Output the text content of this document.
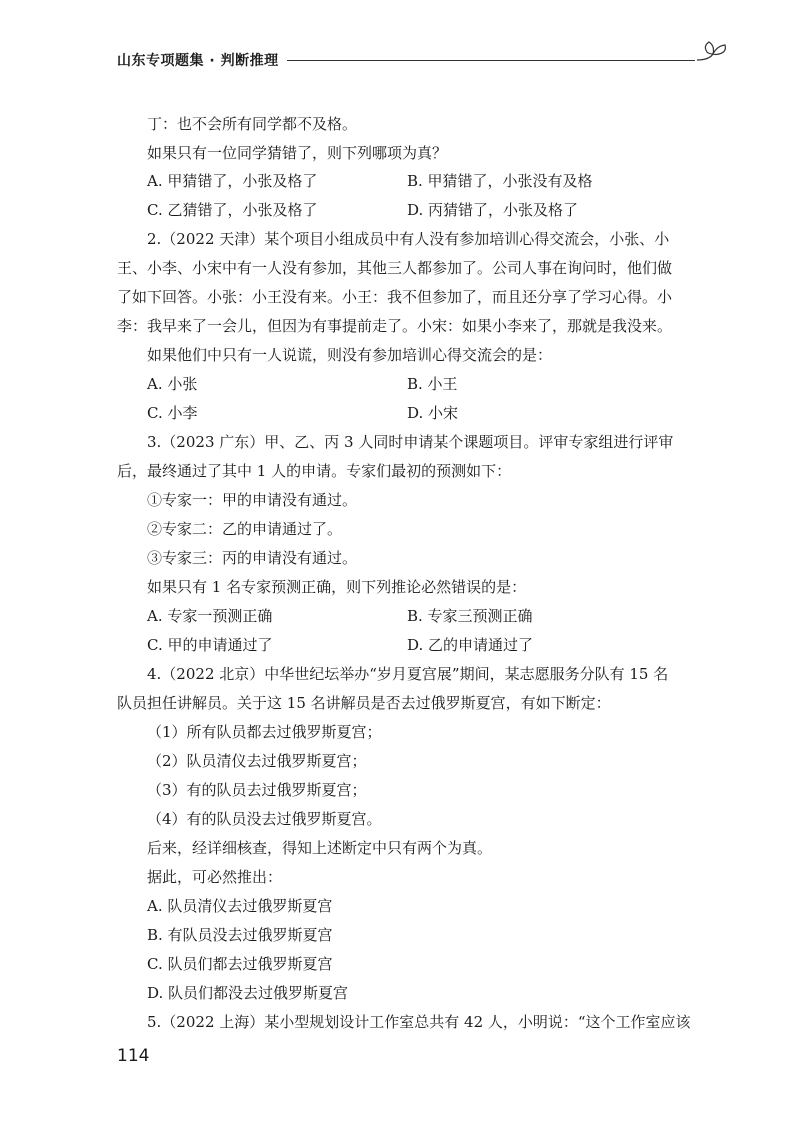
山东专项题集 · 判断推理
丁：也不会所有同学都不及格。
如果只有一位同学猜错了，则下列哪项为真？
A. 甲猜错了，小张及格了	B. 甲猜错了，小张没有及格
C. 乙猜错了，小张及格了	D. 丙猜错了，小张及格了
2.（2022 天津）某个项目小组成员中有人没有参加培训心得交流会，小张、小
王、小李、小宋中有一人没有参加，其他三人都参加了。公司人事在询问时，他们做
了如下回答。小张：小王没有来。小王：我不但参加了，而且还分享了学习心得。小
李：我早来了一会儿，但因为有事提前走了。小宋：如果小李来了，那就是我没来。
如果他们中只有一人说谎，则没有参加培训心得交流会的是：
A. 小张	B. 小王
C. 小李	D. 小宋
3.（2023 广东）甲、乙、丙 3 人同时申请某个课题项目。评审专家组进行评审
后，最终通过了其中 1 人的申请。专家们最初的预测如下：
①专家一：甲的申请没有通过。
②专家二：乙的申请通过了。
③专家三：丙的申请没有通过。
如果只有 1 名专家预测正确，则下列推论必然错误的是：
A. 专家一预测正确	B. 专家三预测正确
C. 甲的申请通过了	D. 乙的申请通过了
4.（2022 北京）中华世纪坛举办“岁月夏宫展”期间，某志愿服务分队有 15 名
队员担任讲解员。关于这 15 名讲解员是否去过俄罗斯夏宫，有如下断定：
（1）所有队员都去过俄罗斯夏宫；
（2）队员清仪去过俄罗斯夏宫；
（3）有的队员去过俄罗斯夏宫；
（4）有的队员没去过俄罗斯夏宫。
后来，经详细核查，得知上述断定中只有两个为真。
据此，可必然推出：
A. 队员清仪去过俄罗斯夏宫
B. 有队员没去过俄罗斯夏宫
C. 队员们都去过俄罗斯夏宫
D. 队员们都没去过俄罗斯夏宫
5.（2022 上海）某小型规划设计工作室总共有 42 人，小明说：“这个工作室应该
114
